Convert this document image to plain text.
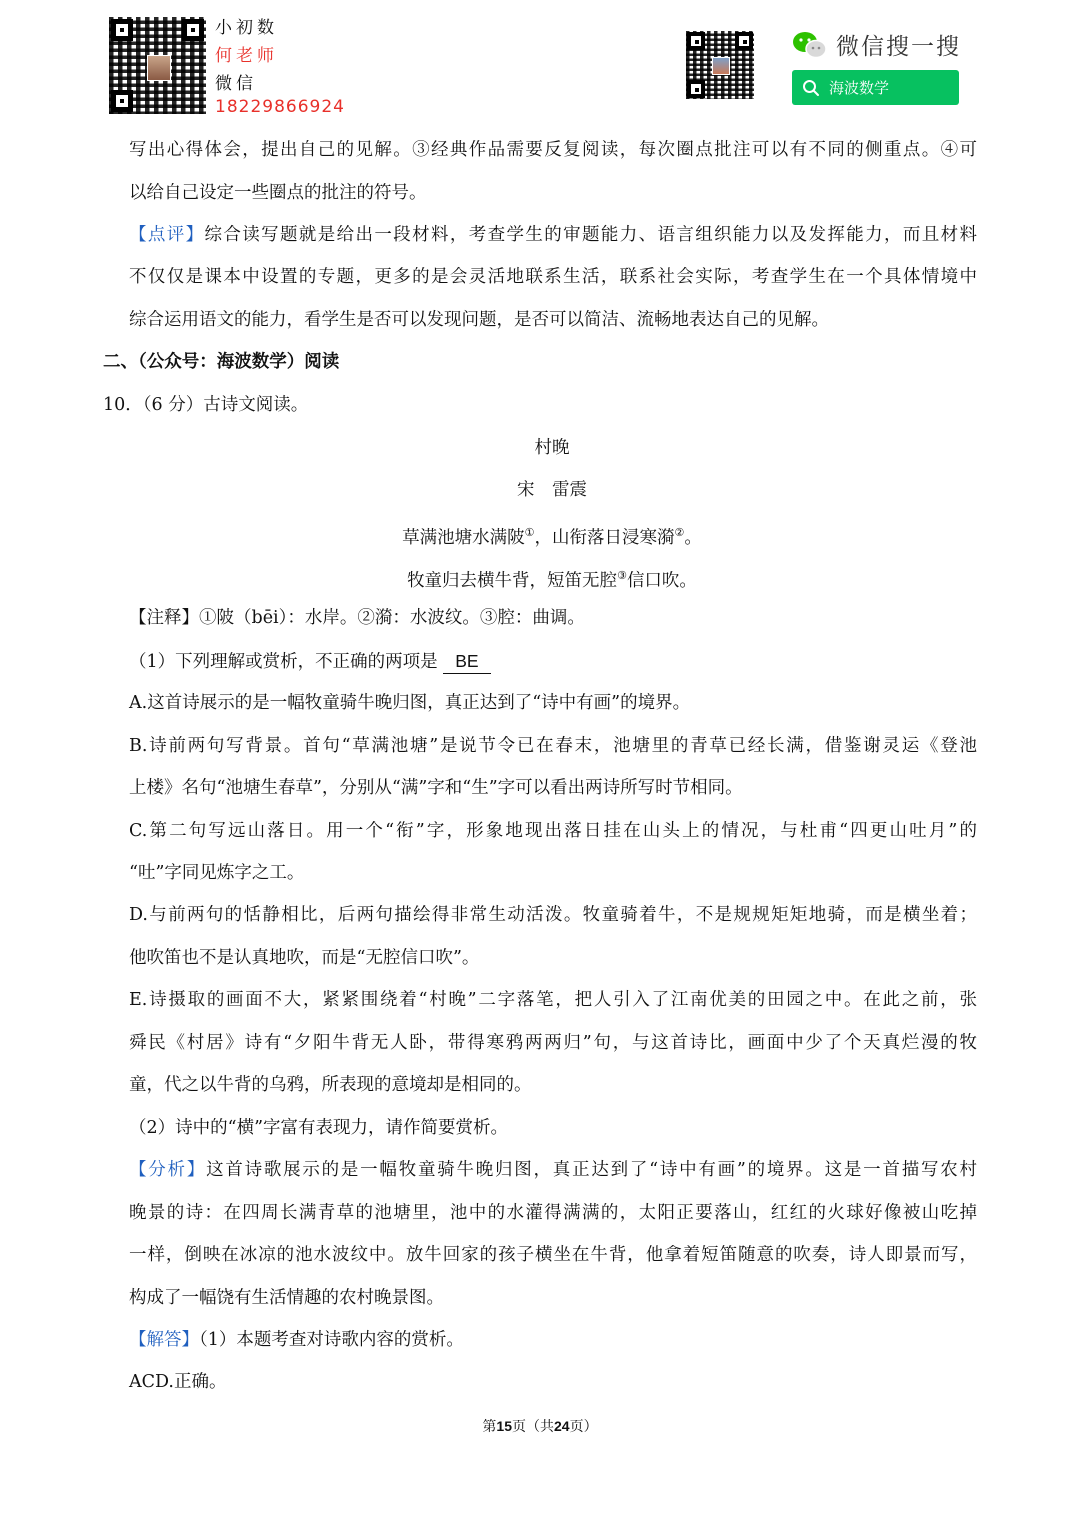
小初数
何老师
微信
18229866924
微信搜一搜
海波数学
写出心得体会，提出自己的见解。③经典作品需要反复阅读，每次圈点批注可以有不同的侧重点。④可
以给自己设定一些圈点的批注的符号。
【点评】综合读写题就是给出一段材料，考查学生的审题能力、语言组织能力以及发挥能力，而且材料
不仅仅是课本中设置的专题，更多的是会灵活地联系生活，联系社会实际，考查学生在一个具体情境中
综合运用语文的能力，看学生是否可以发现问题，是否可以简洁、流畅地表达自己的见解。
二、（公众号：海波数学）阅读
10．（6 分）古诗文阅读。
村晚
宋　雷震
草满池塘水满陂①，山衔落日浸寒漪②。
牧童归去横牛背，短笛无腔③信口吹。
【注释】①陂（bēi）：水岸。②漪：水波纹。③腔：曲调。
（1）下列理解或赏析，不正确的两项是 BE
A.这首诗展示的是一幅牧童骑牛晚归图，真正达到了“诗中有画”的境界。
B.诗前两句写背景。首句“草满池塘”是说节令已在春末，池塘里的青草已经长满，借鉴谢灵运《登池
上楼》名句“池塘生春草”，分别从“满”字和“生”字可以看出两诗所写时节相同。
C.第二句写远山落日。用一个“衔”字，形象地现出落日挂在山头上的情况，与杜甫“四更山吐月”的
“吐”字同见炼字之工。
D.与前两句的恬静相比，后两句描绘得非常生动活泼。牧童骑着牛，不是规规矩矩地骑，而是横坐着；
他吹笛也不是认真地吹，而是“无腔信口吹”。
E.诗摄取的画面不大，紧紧围绕着“村晚”二字落笔，把人引入了江南优美的田园之中。在此之前，张
舜民《村居》诗有“夕阳牛背无人卧，带得寒鸦两两归”句，与这首诗比，画面中少了个天真烂漫的牧
童，代之以牛背的乌鸦，所表现的意境却是相同的。
（2）诗中的“横”字富有表现力，请作简要赏析。
【分析】这首诗歌展示的是一幅牧童骑牛晚归图，真正达到了“诗中有画”的境界。这是一首描写农村
晚景的诗：在四周长满青草的池塘里，池中的水灌得满满的，太阳正要落山，红红的火球好像被山吃掉
一样，倒映在冰凉的池水波纹中。放牛回家的孩子横坐在牛背，他拿着短笛随意的吹奏，诗人即景而写，
构成了一幅饶有生活情趣的农村晚景图。
【解答】（1）本题考查对诗歌内容的赏析。
ACD.正确。
第15页（共24页）
